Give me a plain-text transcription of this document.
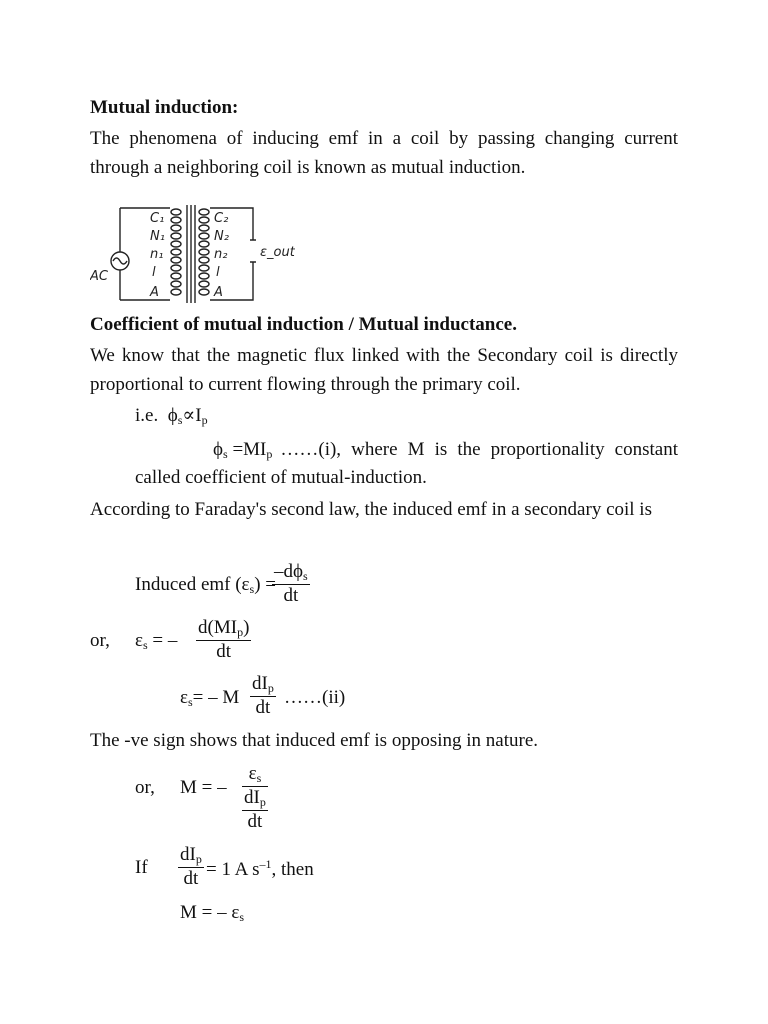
Mutual induction:
The phenomena of inducing emf in a coil by passing changing current through a neighboring coil is known as mutual induction.
AC
C₁
N₁
n₁
l
A
C₂
N₂
n₂
l
A
ε_out
Coefficient of mutual induction / Mutual inductance.
We know that the magnetic flux linked with the Secondary coil is directly proportional to current flowing through the primary coil.
i.e.  $\phi_s\propto I_p$
$\phi_s =MI_p$ ……(i), where M is the proportionality constant
called coefficient of mutual-induction.
According to Faraday's second law, the induced emf in a secondary coil is
Induced emf $(\varepsilon_s)$ =
$-d\phi_s$
dt
or, $\varepsilon_s$ = –
$d(MI_p)$
dt
$\varepsilon_s= - M$
$dI_p$
dt ……(ii)
The -ve sign shows that induced emf is opposing in nature.
or, M = –
$\varepsilon_s$
$dI_p$
dt
If
$dI_p$
dt = 1 A $s^{-1}$, then
M = – $\varepsilon_s$
